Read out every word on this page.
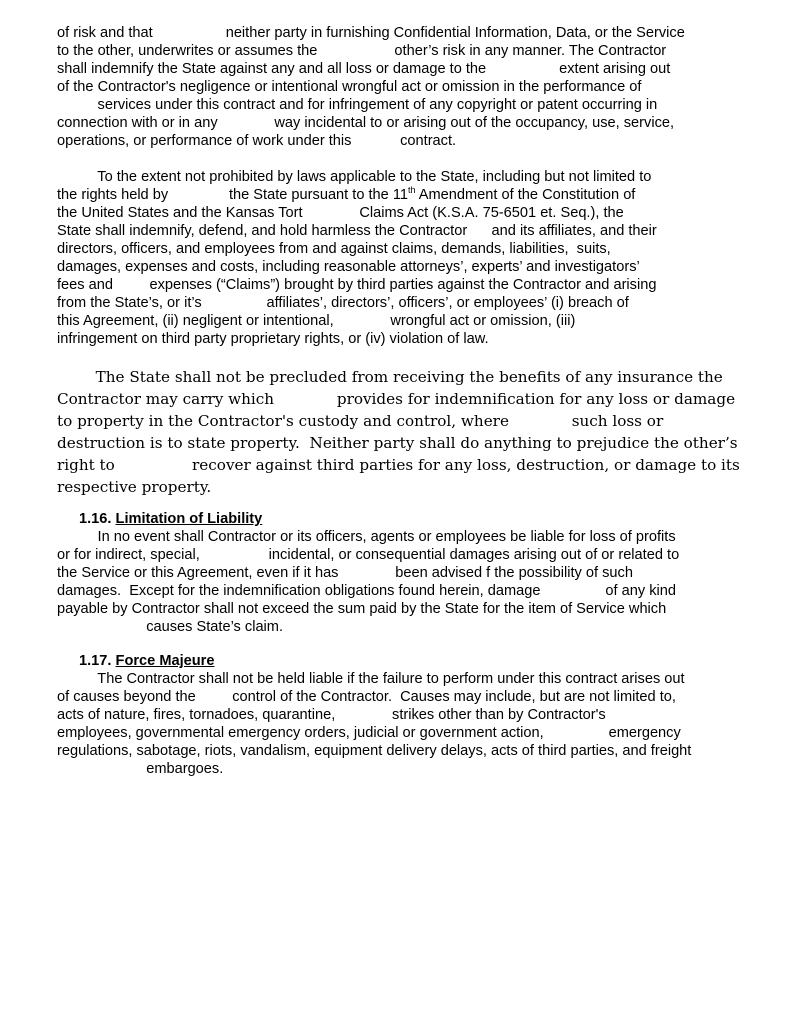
of risk and that                  neither party in furnishing Confidential Information, Data, or the Service
to the other, underwrites or assumes the                   other’s risk in any manner. The Contractor
shall indemnify the State against any and all loss or damage to the                  extent arising out
of the Contractor's negligence or intentional wrongful act or omission in the performance of
services under this contract and for infringement of any copyright or patent occurring in
connection with or in any              way incidental to or arising out of the occupancy, use, service,
operations, or performance of work under this            contract.
To the extent not prohibited by laws applicable to the State, including but not limited to
the rights held by               the State pursuant to the 11th Amendment of the Constitution of
the United States and the Kansas Tort              Claims Act (K.S.A. 75-6501 et. Seq.), the
State shall indemnify, defend, and hold harmless the Contractor      and its affiliates, and their
directors, officers, and employees from and against claims, demands, liabilities,  suits,
damages, expenses and costs, including reasonable attorneys’, experts’ and investigators’
fees and         expenses (“Claims”) brought by third parties against the Contractor and arising
from the State’s, or it’s                affiliates’, directors’, officers’, or employees’ (i) breach of
this Agreement, (ii) negligent or intentional,              wrongful act or omission, (iii)
infringement on third party proprietary rights, or (iv) violation of law.
The State shall not be precluded from receiving the benefits of any insurance the
Contractor may carry which             provides for indemnification for any loss or damage
to property in the Contractor's custody and control, where             such loss or
destruction is to state property.  Neither party shall do anything to prejudice the other’s
right to                recover against third parties for any loss, destruction, or damage to its
respective property.
1.16. Limitation of Liability
In no event shall Contractor or its officers, agents or employees be liable for loss of profits
or for indirect, special,                 incidental, or consequential damages arising out of or related to
the Service or this Agreement, even if it has              been advised f the possibility of such
damages.  Except for the indemnification obligations found herein, damage                of any kind
payable by Contractor shall not exceed the sum paid by the State for the item of Service which
causes State’s claim.
1.17. Force Majeure
The Contractor shall not be held liable if the failure to perform under this contract arises out
of causes beyond the         control of the Contractor.  Causes may include, but are not limited to,
acts of nature, fires, tornadoes, quarantine,              strikes other than by Contractor's
employees, governmental emergency orders, judicial or government action,                emergency
regulations, sabotage, riots, vandalism, equipment delivery delays, acts of third parties, and freight
embargoes.
